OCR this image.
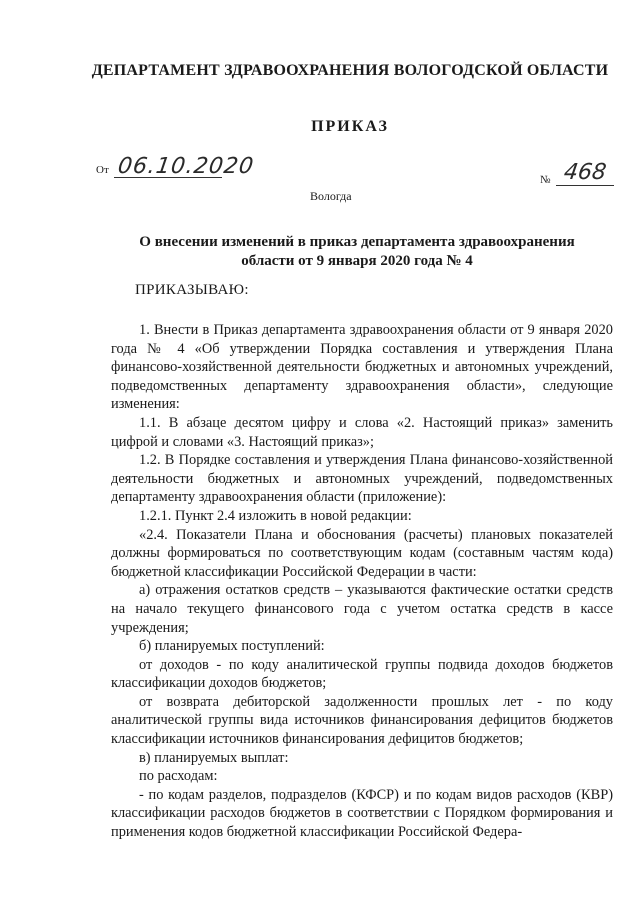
ДЕПАРТАМЕНТ ЗДРАВООХРАНЕНИЯ ВОЛОГОДСКОЙ ОБЛАСТИ
ПРИКАЗ
От 06.10.2020
№ 468
Вологда
О внесении изменений в приказ департамента здравоохранения
области от 9 января 2020 года № 4
ПРИКАЗЫВАЮ:

1. Внести в Приказ департамента здравоохранения области от 9 января 2020 года № 4 «Об утверждении Порядка составления и утверждения Плана финансово-хозяйственной деятельности бюджетных и автономных учреждений, подведомственных департаменту здравоохранения области», следующие изменения:

1.1. В абзаце десятом цифру и слова «2. Настоящий приказ» заменить цифрой и словами «3. Настоящий приказ»;

1.2. В Порядке составления и утверждения Плана финансово-хозяйственной деятельности бюджетных и автономных учреждений, подведомственных департаменту здравоохранения области (приложение):

1.2.1. Пункт 2.4 изложить в новой редакции:

«2.4. Показатели Плана и обоснования (расчеты) плановых показателей должны формироваться по соответствующим кодам (составным частям кода) бюджетной классификации Российской Федерации в части:

а) отражения остатков средств – указываются фактические остатки средств на начало текущего финансового года с учетом остатка средств в кассе учреждения;

б) планируемых поступлений:

от доходов - по коду аналитической группы подвида доходов бюджетов классификации доходов бюджетов;

от возврата дебиторской задолженности прошлых лет - по коду аналитической группы вида источников финансирования дефицитов бюджетов классификации источников финансирования дефицитов бюджетов;

в) планируемых выплат:

по расходам:

- по кодам разделов, подразделов (КФСР) и по кодам видов расходов (КВР) классификации расходов бюджетов в соответствии с Порядком формирования и применения кодов бюджетной классификации Российской Федера-
